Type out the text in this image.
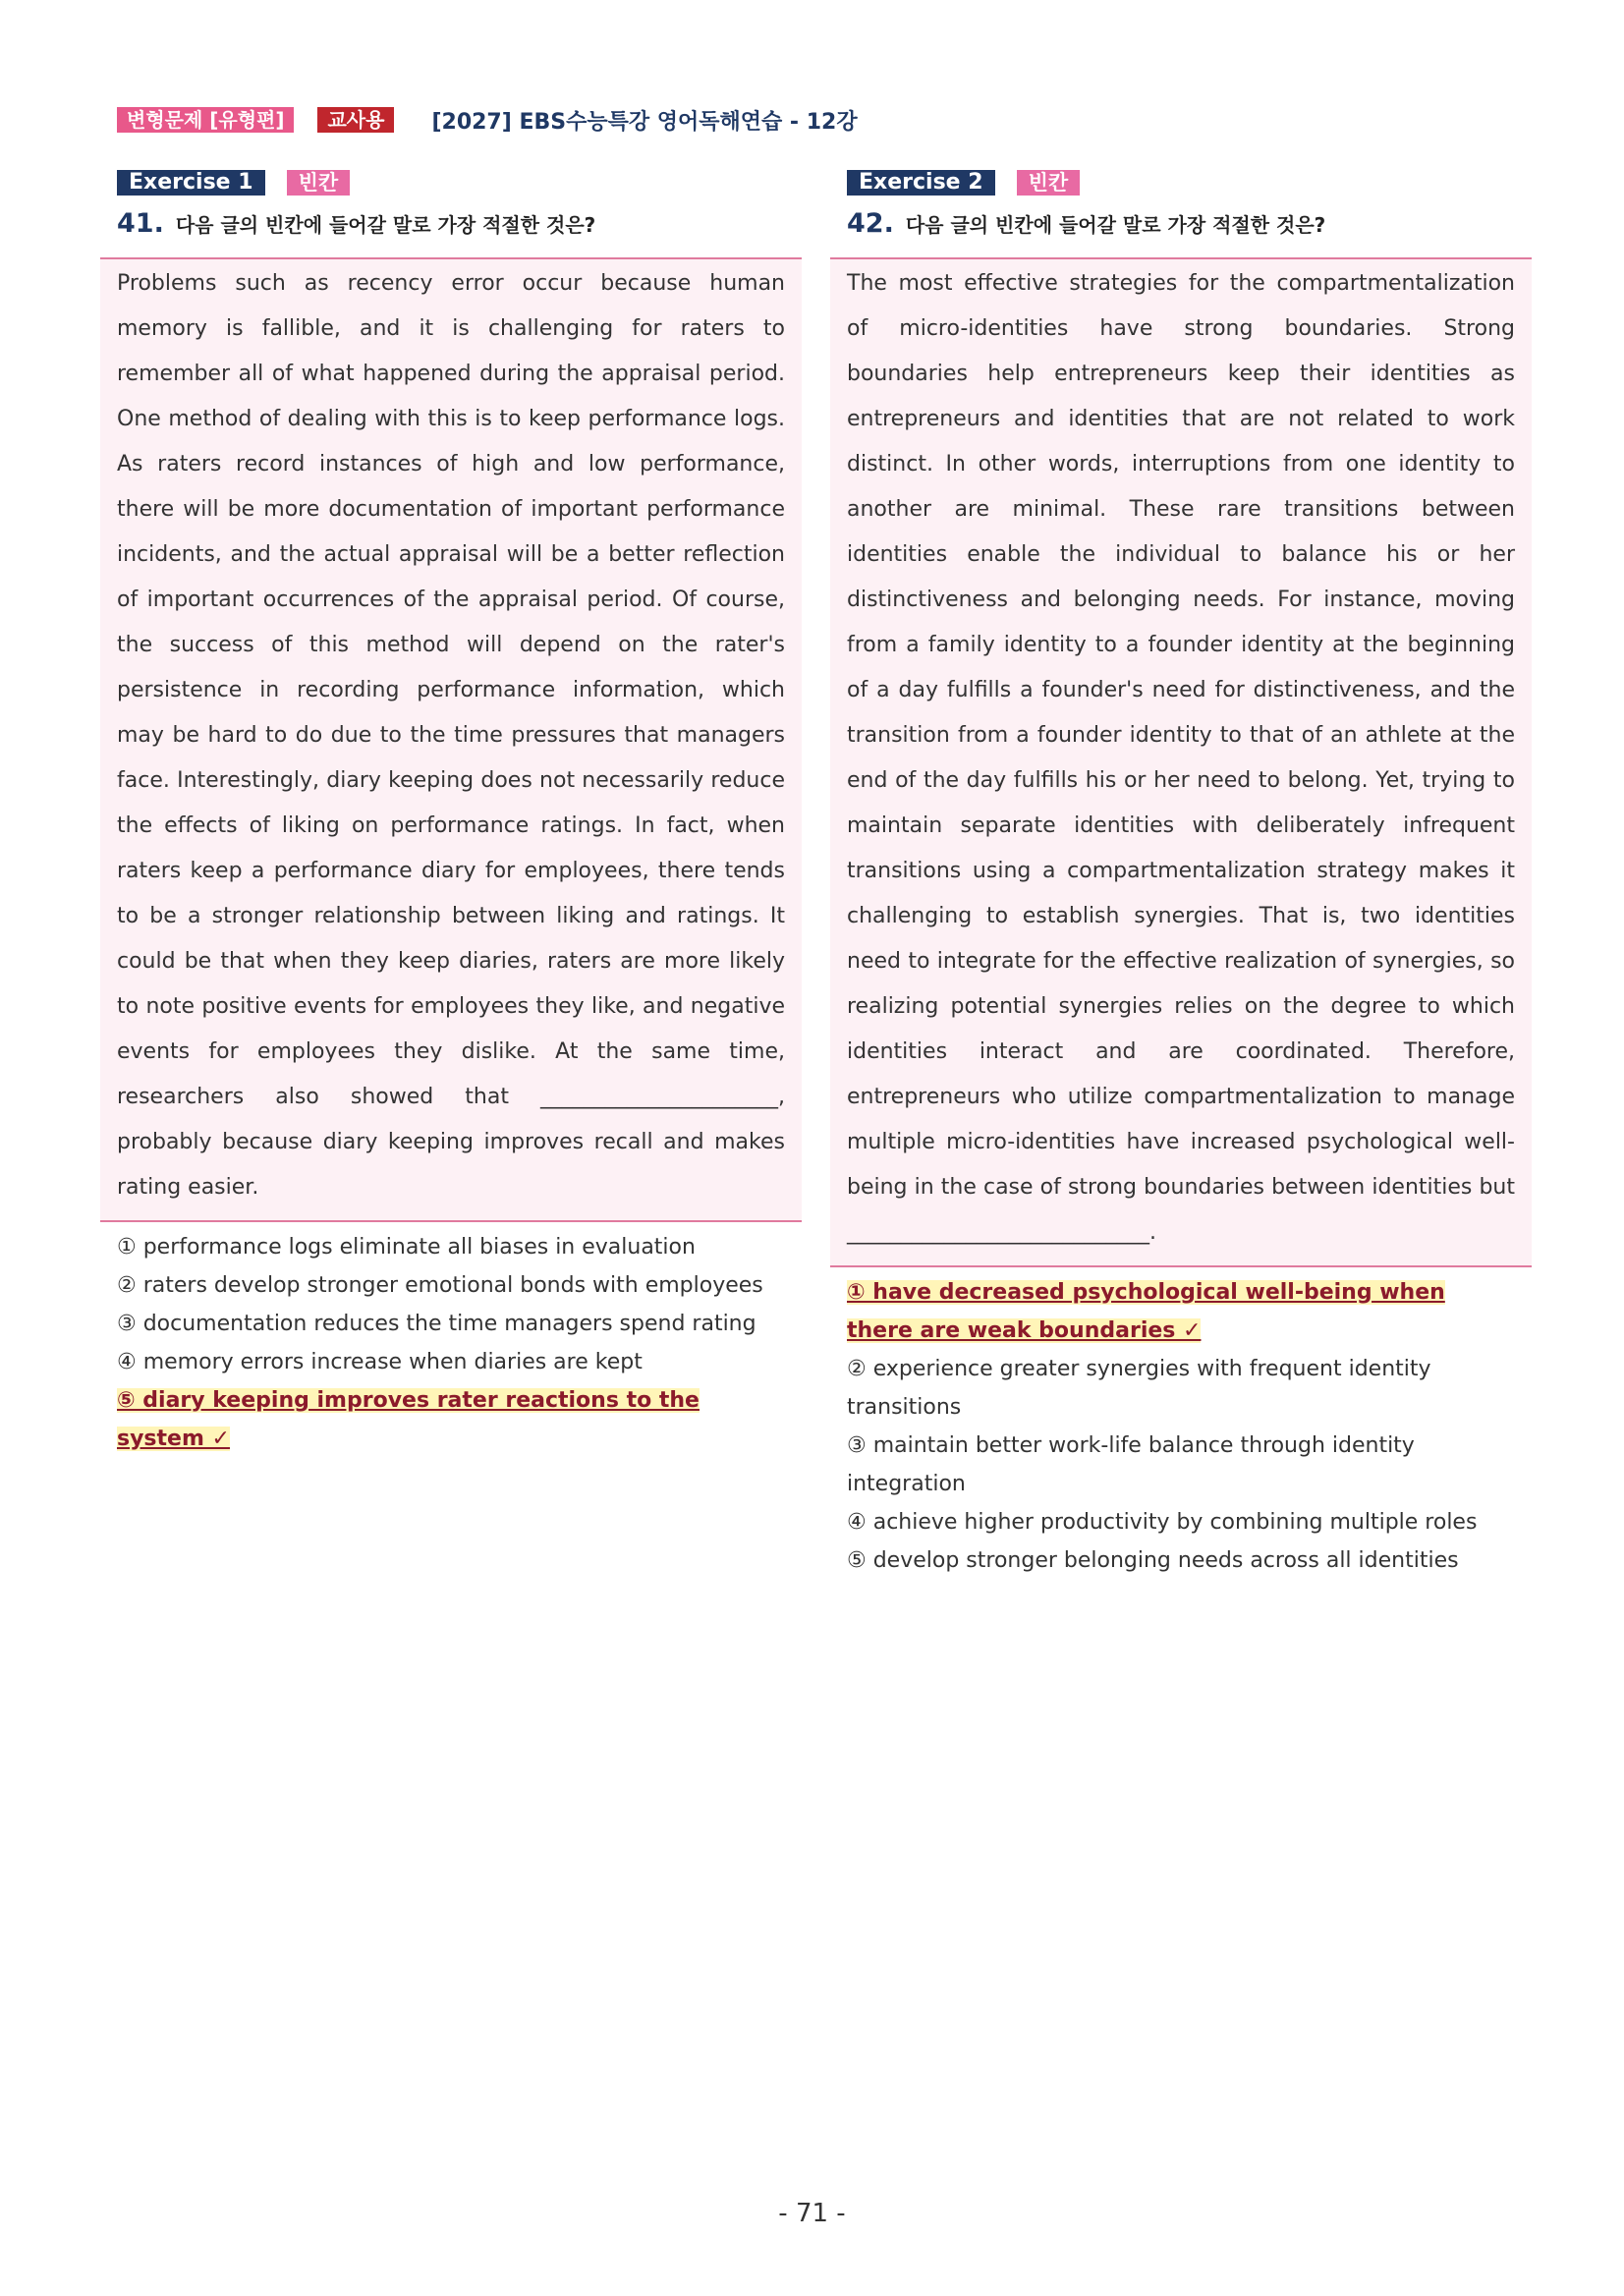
변형문제 [유형편]	교사용	[2027] EBS수능특강 영어독해연습 - 12강
Exercise 1	빈칸
41. 다음 글의 빈칸에 들어갈 말로 가장 적절한 것은?

Problems such as recency error occur because human memory is fallible, and it is challenging for raters to remember all of what happened during the appraisal period. One method of dealing with this is to keep performance logs. As raters record instances of high and low performance, there will be more documentation of important performance incidents, and the actual appraisal will be a better reflection of important occurrences of the appraisal period. Of course, the success of this method will depend on the rater's persistence in recording performance information, which may be hard to do due to the time pressures that managers face. Interestingly, diary keeping does not necessarily reduce the effects of liking on performance ratings. In fact, when raters keep a performance diary for employees, there tends to be a stronger relationship between liking and ratings. It could be that when they keep diaries, raters are more likely to note positive events for employees they like, and negative events for employees they dislike. At the same time, researchers also showed that ______________________, probably because diary keeping improves recall and makes rating easier.

① performance logs eliminate all biases in evaluation
② raters develop stronger emotional bonds with employees
③ documentation reduces the time managers spend rating
④ memory errors increase when diaries are kept
⑤ diary keeping improves rater reactions to the system ✓
Exercise 2	빈칸
42. 다음 글의 빈칸에 들어갈 말로 가장 적절한 것은?

The most effective strategies for the compartmentalization of micro-identities have strong boundaries. Strong boundaries help entrepreneurs keep their identities as entrepreneurs and identities that are not related to work distinct. In other words, interruptions from one identity to another are minimal. These rare transitions between identities enable the individual to balance his or her distinctiveness and belonging needs. For instance, moving from a family identity to a founder identity at the beginning of a day fulfills a founder's need for distinctiveness, and the transition from a founder identity to that of an athlete at the end of the day fulfills his or her need to belong. Yet, trying to maintain separate identities with deliberately infrequent transitions using a compartmentalization strategy makes it challenging to establish synergies. That is, two identities need to integrate for the effective realization of synergies, so realizing potential synergies relies on the degree to which identities interact and are coordinated. Therefore, entrepreneurs who utilize compartmentalization to manage multiple micro-identities have increased psychological well-being in the case of strong boundaries between identities but ____________________________.

① have decreased psychological well-being when there are weak boundaries ✓
② experience greater synergies with frequent identity transitions
③ maintain better work-life balance through identity integration
④ achieve higher productivity by combining multiple roles
⑤ develop stronger belonging needs across all identities
- 71 -
